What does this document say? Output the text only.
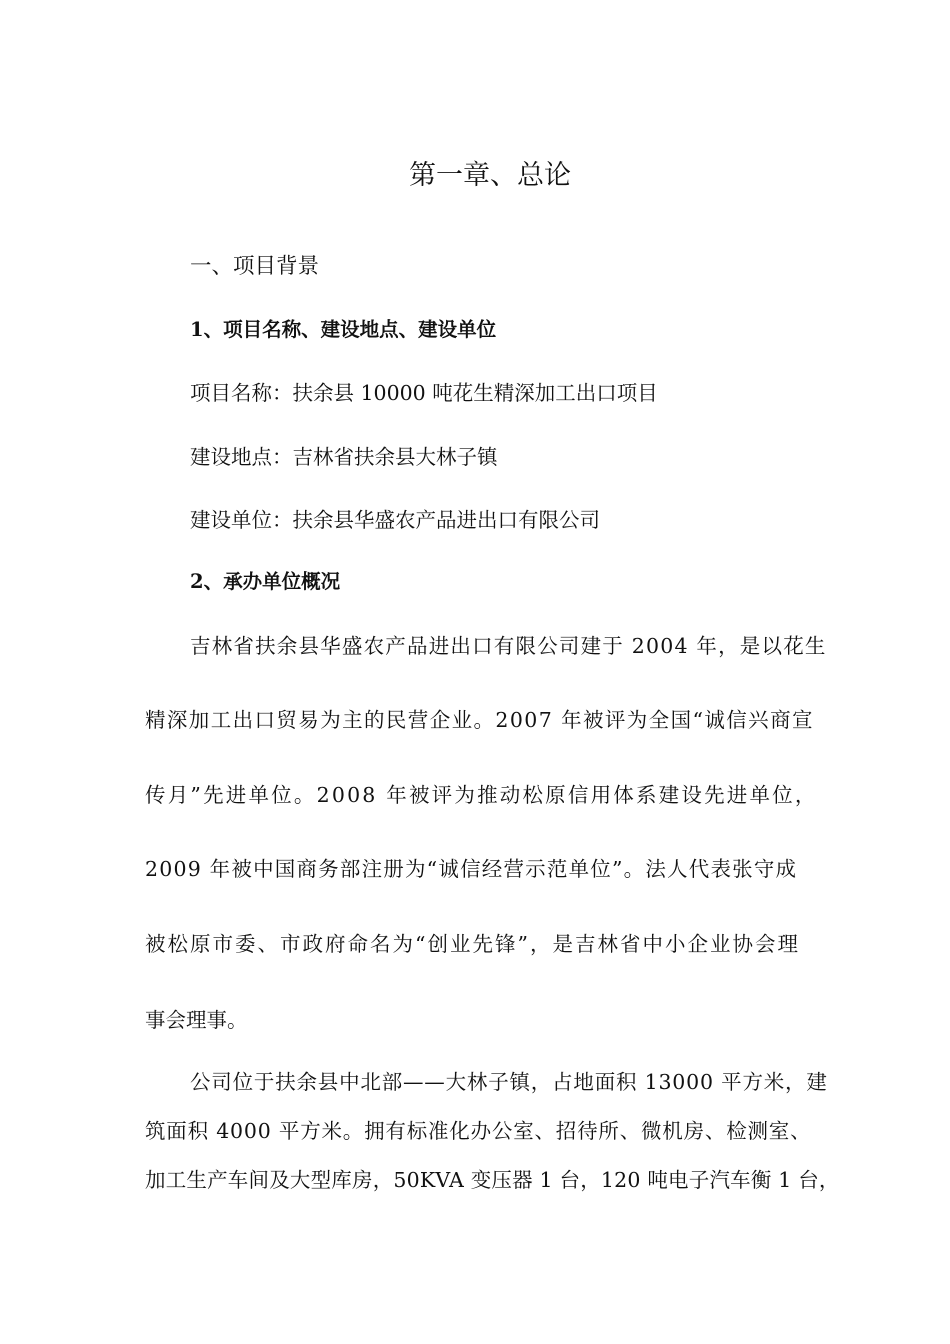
第一章、总论
一、项目背景
1、项目名称、建设地点、建设单位
项目名称：扶余县 10000 吨花生精深加工出口项目
建设地点：吉林省扶余县大林子镇
建设单位：扶余县华盛农产品进出口有限公司
2、承办单位概况
吉林省扶余县华盛农产品进出口有限公司建于 2004 年，是以花生
精深加工出口贸易为主的民营企业。2007 年被评为全国“诚信兴商宣
传月”先进单位。2008 年被评为推动松原信用体系建设先进单位，
2009 年被中国商务部注册为“诚信经营示范单位”。法人代表张守成
被松原市委、市政府命名为“创业先锋”，是吉林省中小企业协会理
事会理事。
公司位于扶余县中北部——大林子镇，占地面积 13000 平方米，建
筑面积 4000 平方米。拥有标准化办公室、招待所、微机房、检测室、
加工生产车间及大型库房，50KVA 变压器 1 台，120 吨电子汽车衡 1 台，
